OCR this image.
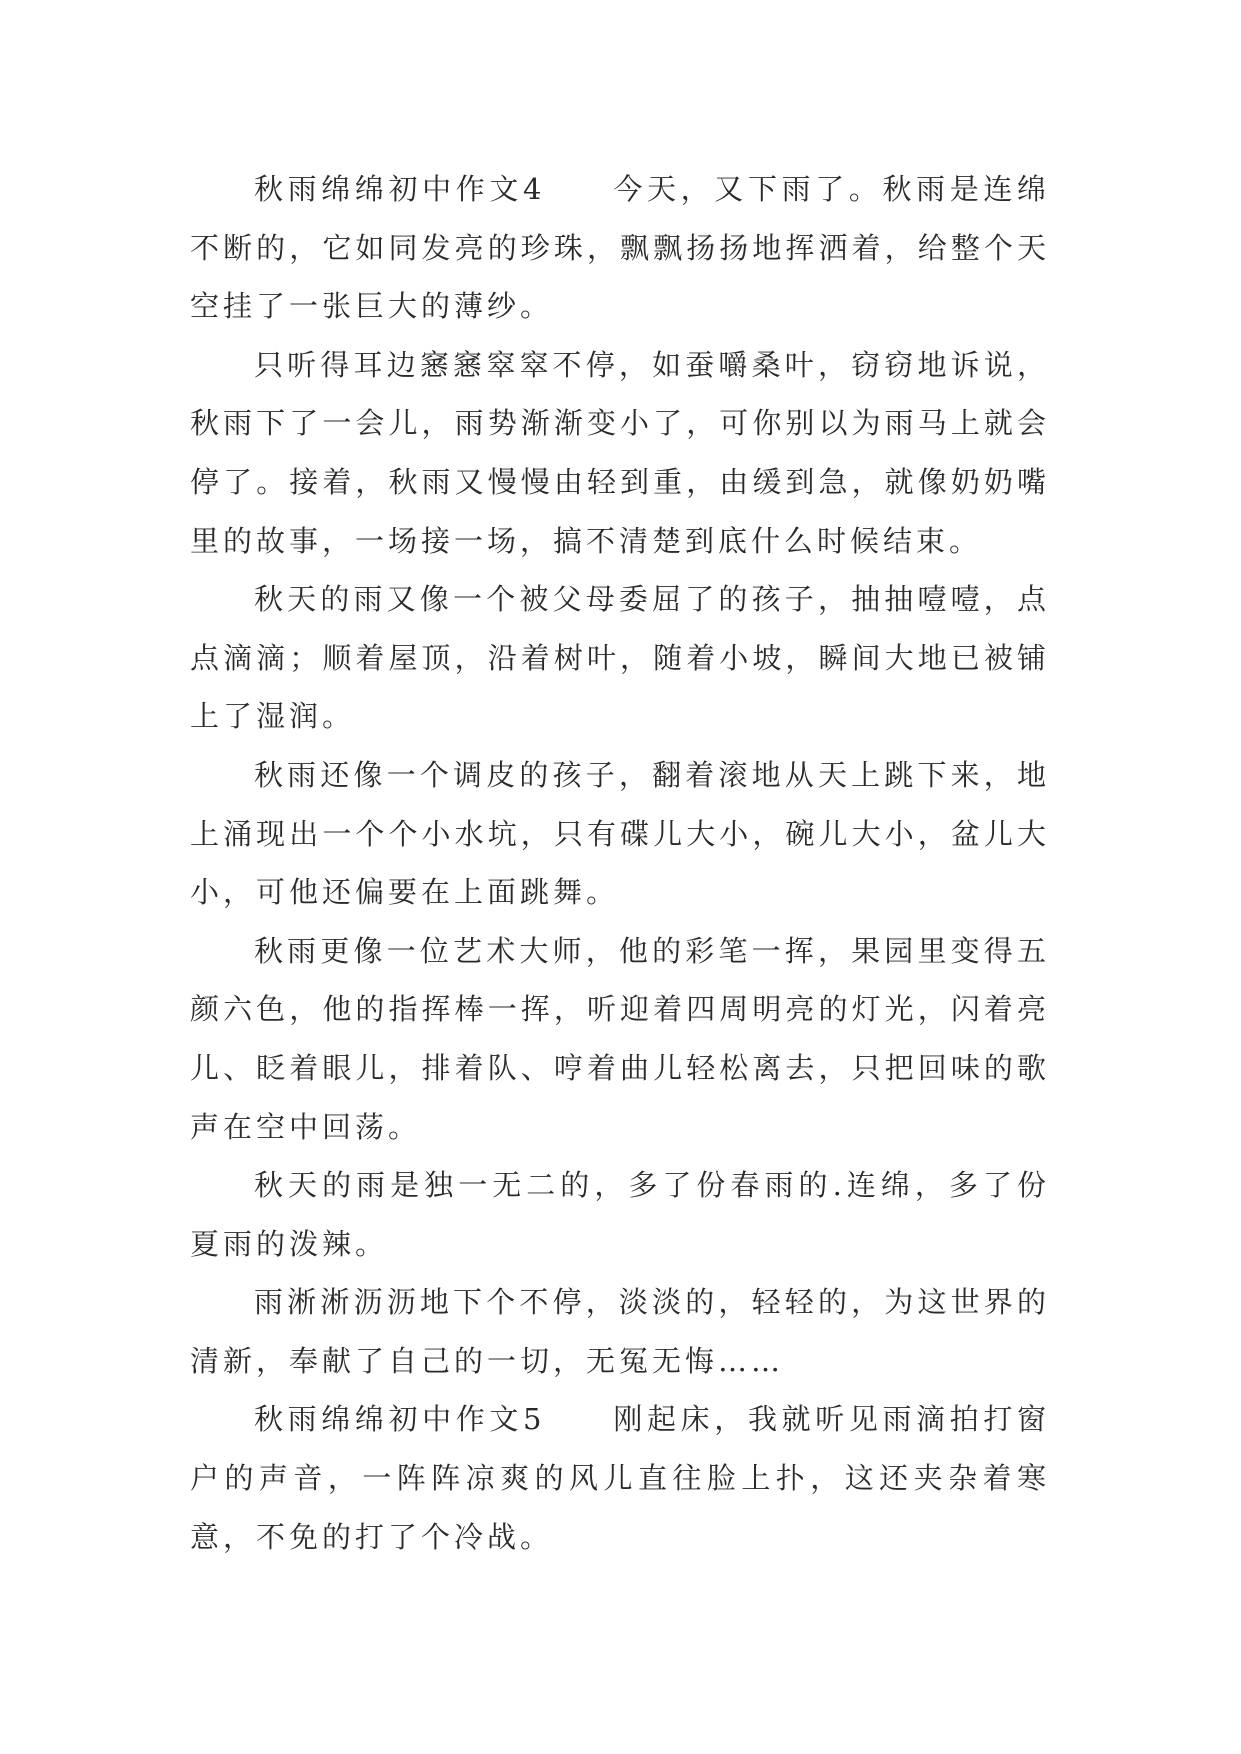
秋雨绵绵初中作文4　　今天，又下雨了。秋雨是连绵不断的，它如同发亮的珍珠，飘飘扬扬地挥洒着，给整个天空挂了一张巨大的薄纱。

只听得耳边窸窸窣窣不停，如蚕嚼桑叶，窃窃地诉说，秋雨下了一会儿，雨势渐渐变小了，可你别以为雨马上就会停了。接着，秋雨又慢慢由轻到重，由缓到急，就像奶奶嘴里的故事，一场接一场，搞不清楚到底什么时候结束。

秋天的雨又像一个被父母委屈了的孩子，抽抽噎噎，点点滴滴；顺着屋顶，沿着树叶，随着小坡，瞬间大地已被铺上了湿润。

秋雨还像一个调皮的孩子，翻着滚地从天上跳下来，地上涌现出一个个小水坑，只有碟儿大小，碗儿大小，盆儿大小，可他还偏要在上面跳舞。

秋雨更像一位艺术大师，他的彩笔一挥，果园里变得五颜六色，他的指挥棒一挥，听迎着四周明亮的灯光，闪着亮儿、眨着眼儿，排着队、哼着曲儿轻松离去，只把回味的歌声在空中回荡。

秋天的雨是独一无二的，多了份春雨的.连绵，多了份夏雨的泼辣。

雨淅淅沥沥地下个不停，淡淡的，轻轻的，为这世界的清新，奉献了自己的一切，无冤无悔……

秋雨绵绵初中作文5　　刚起床，我就听见雨滴拍打窗户的声音，一阵阵凉爽的风儿直往脸上扑，这还夹杂着寒意，不免的打了个冷战。
